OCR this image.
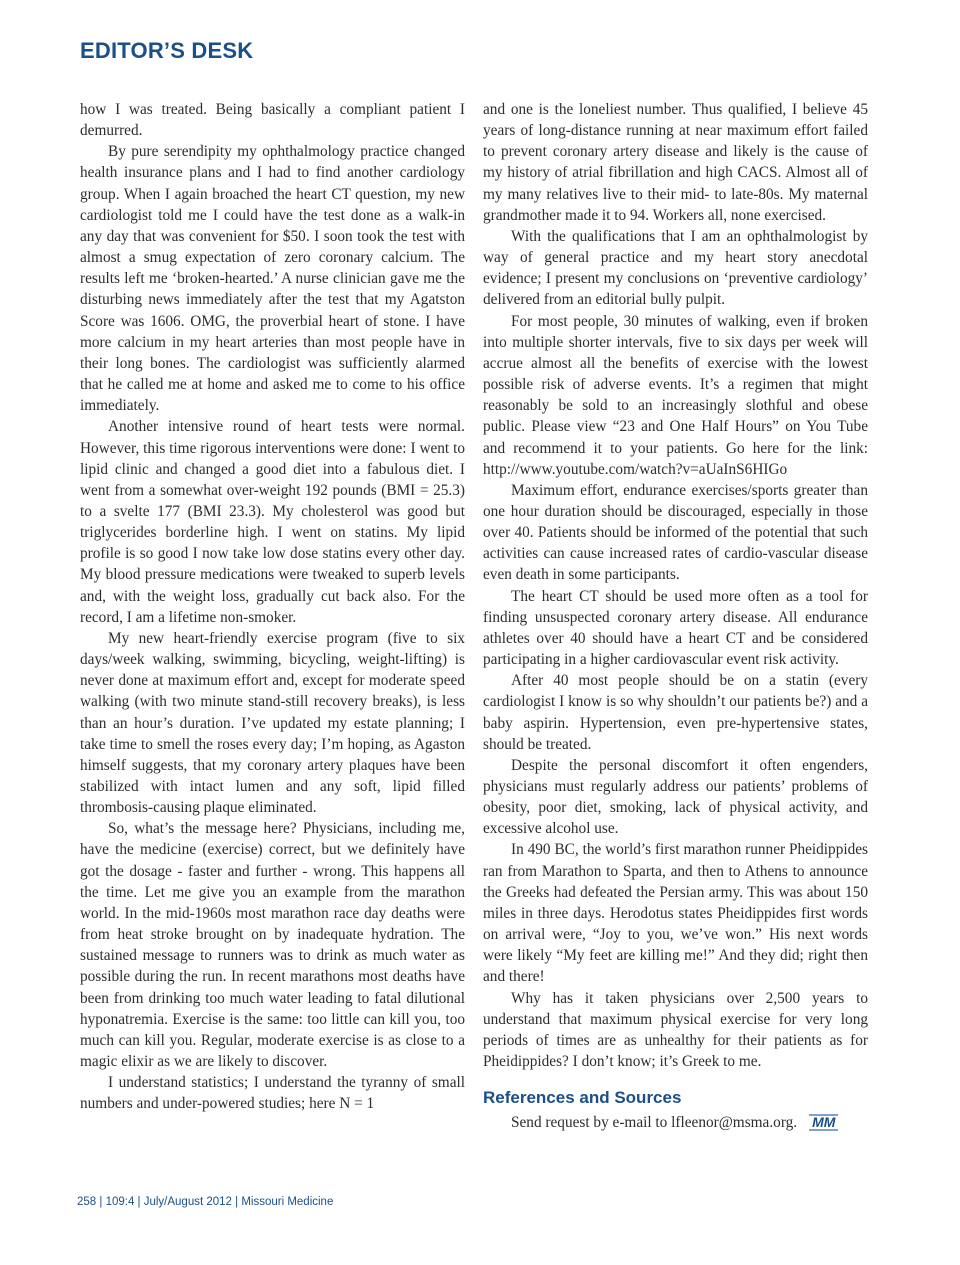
EDITOR’S DESK

how I was treated. Being basically a compliant patient I demurred.

By pure serendipity my ophthalmology practice changed health insurance plans and I had to find another cardiology group. When I again broached the heart CT question, my new cardiologist told me I could have the test done as a walk-in any day that was convenient for $50. I soon took the test with almost a smug expectation of zero coronary calcium. The results left me ‘broken-hearted.’ A nurse clinician gave me the disturbing news immediately after the test that my Agatston Score was 1606. OMG, the proverbial heart of stone. I have more calcium in my heart arteries than most people have in their long bones. The cardiologist was sufficiently alarmed that he called me at home and asked me to come to his office immediately.

Another intensive round of heart tests were normal. However, this time rigorous interventions were done: I went to lipid clinic and changed a good diet into a fabulous diet. I went from a somewhat over-weight 192 pounds (BMI = 25.3) to a svelte 177 (BMI 23.3). My cholesterol was good but triglycerides borderline high. I went on statins. My lipid profile is so good I now take low dose statins every other day. My blood pressure medications were tweaked to superb levels and, with the weight loss, gradually cut back also. For the record, I am a lifetime non-smoker.

My new heart-friendly exercise program (five to six days/week walking, swimming, bicycling, weight-lifting) is never done at maximum effort and, except for moderate speed walking (with two minute stand-still recovery breaks), is less than an hour’s duration. I’ve updated my estate planning; I take time to smell the roses every day; I’m hoping, as Agaston himself suggests, that my coronary artery plaques have been stabilized with intact lumen and any soft, lipid filled thrombosis-causing plaque eliminated.

So, what’s the message here? Physicians, including me, have the medicine (exercise) correct, but we definitely have got the dosage - faster and further - wrong. This happens all the time. Let me give you an example from the marathon world. In the mid-1960s most marathon race day deaths were from heat stroke brought on by inadequate hydration. The sustained message to runners was to drink as much water as possible during the run. In recent marathons most deaths have been from drinking too much water leading to fatal dilutional hyponatremia. Exercise is the same: too little can kill you, too much can kill you. Regular, moderate exercise is as close to a magic elixir as we are likely to discover.

I understand statistics; I understand the tyranny of small numbers and under-powered studies; here N = 1

and one is the loneliest number. Thus qualified, I believe 45 years of long-distance running at near maximum effort failed to prevent coronary artery disease and likely is the cause of my history of atrial fibrillation and high CACS. Almost all of my many relatives live to their mid- to late-80s. My maternal grandmother made it to 94. Workers all, none exercised.

With the qualifications that I am an ophthalmologist by way of general practice and my heart story anecdotal evidence; I present my conclusions on ‘preventive cardiology’ delivered from an editorial bully pulpit.

For most people, 30 minutes of walking, even if broken into multiple shorter intervals, five to six days per week will accrue almost all the benefits of exercise with the lowest possible risk of adverse events. It’s a regimen that might reasonably be sold to an increasingly slothful and obese public. Please view “23 and One Half Hours” on You Tube and recommend it to your patients. Go here for the link: http://www.youtube.com/watch?v=aUaInS6HIGo

Maximum effort, endurance exercises/sports greater than one hour duration should be discouraged, especially in those over 40. Patients should be informed of the potential that such activities can cause increased rates of cardio-vascular disease even death in some participants.

The heart CT should be used more often as a tool for finding unsuspected coronary artery disease. All endurance athletes over 40 should have a heart CT and be considered participating in a higher cardiovascular event risk activity.

After 40 most people should be on a statin (every cardiologist I know is so why shouldn’t our patients be?) and a baby aspirin. Hypertension, even pre-hypertensive states, should be treated.

Despite the personal discomfort it often engenders, physicians must regularly address our patients’ problems of obesity, poor diet, smoking, lack of physical activity, and excessive alcohol use.

In 490 BC, the world’s first marathon runner Pheidippides ran from Marathon to Sparta, and then to Athens to announce the Greeks had defeated the Persian army. This was about 150 miles in three days. Herodotus states Pheidippides first words on arrival were, “Joy to you, we’ve won.” His next words were likely “My feet are killing me!” And they did; right then and there!

Why has it taken physicians over 2,500 years to understand that maximum physical exercise for very long periods of times are as unhealthy for their patients as for Pheidippides? I don’t know; it’s Greek to me.

References and Sources

Send request by e-mail to lfleenor@msma.org. MM

258 | 109:4 | July/August 2012 | Missouri Medicine
